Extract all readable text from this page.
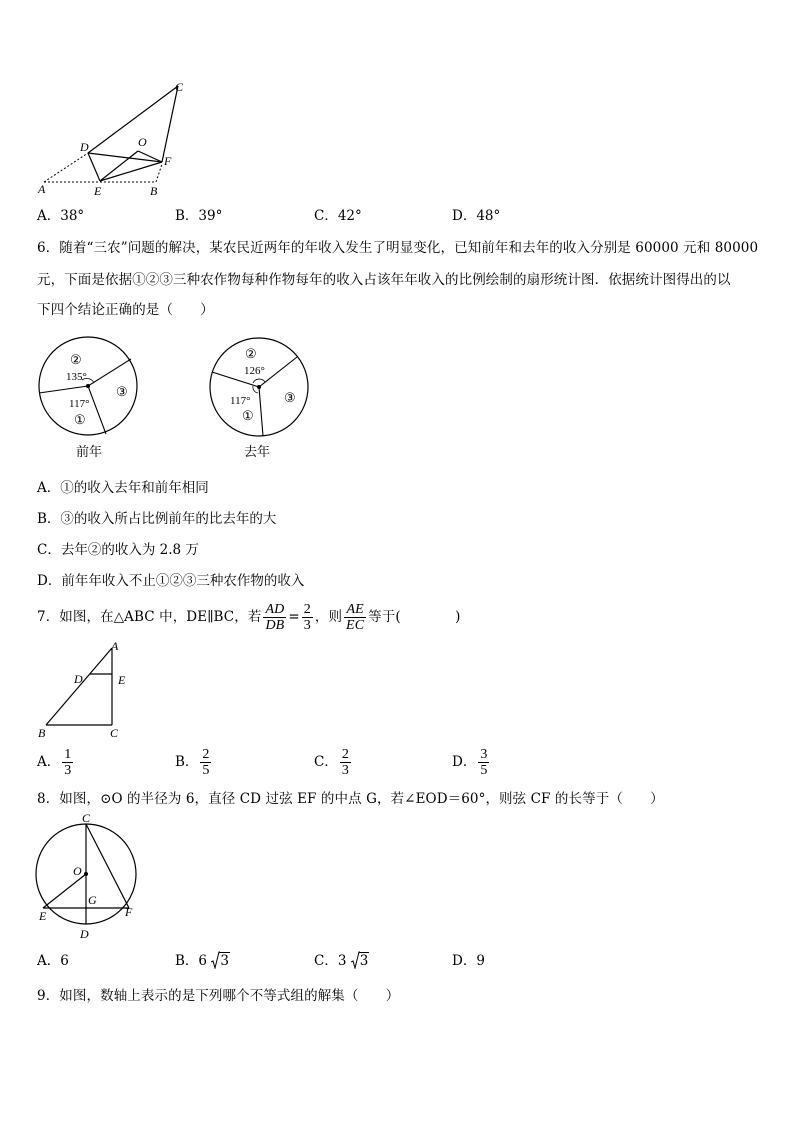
C
D	O
F
A	E	B
A．38°	B．39°	C．42°	D．48°
6．随着“三农”问题的解决，某农民近两年的年收入发生了明显变化，已知前年和去年的收入分别是 60000 元和 80000
元，下面是依据①②③三种农作物每种作物每年的收入占该年年收入的比例绘制的扇形统计图．依据统计图得出的以
下四个结论正确的是（　　）
②
135°
③
117°
①
前年
②
126°
③
117°
①
去年
A．①的收入去年和前年相同
B．③的收入所占比例前年的比去年的大
C．去年②的收入为 2.8 万
D．前年年收入不止①②③三种农作物的收入
7．如图，在△ABC 中，DE∥BC，若 $\frac{AD}{DB} = \frac{2}{3}$ ，则 $\frac{AE}{EC}$ 等于(　　　　)
A
D	E
B	C
A． $\frac{1}{3}$	B． $\frac{2}{5}$	C． $\frac{2}{3}$	D． $\frac{3}{5}$
8．如图，⊙O 的半径为 6，直径 CD 过弦 EF 的中点 G，若∠EOD＝60°，则弦 CF 的长等于（　　）
C
O
G
E	F
D
A．6	B．6 3	C．3 3	D．9
9．如图，数轴上表示的是下列哪个不等式组的解集（　　）
